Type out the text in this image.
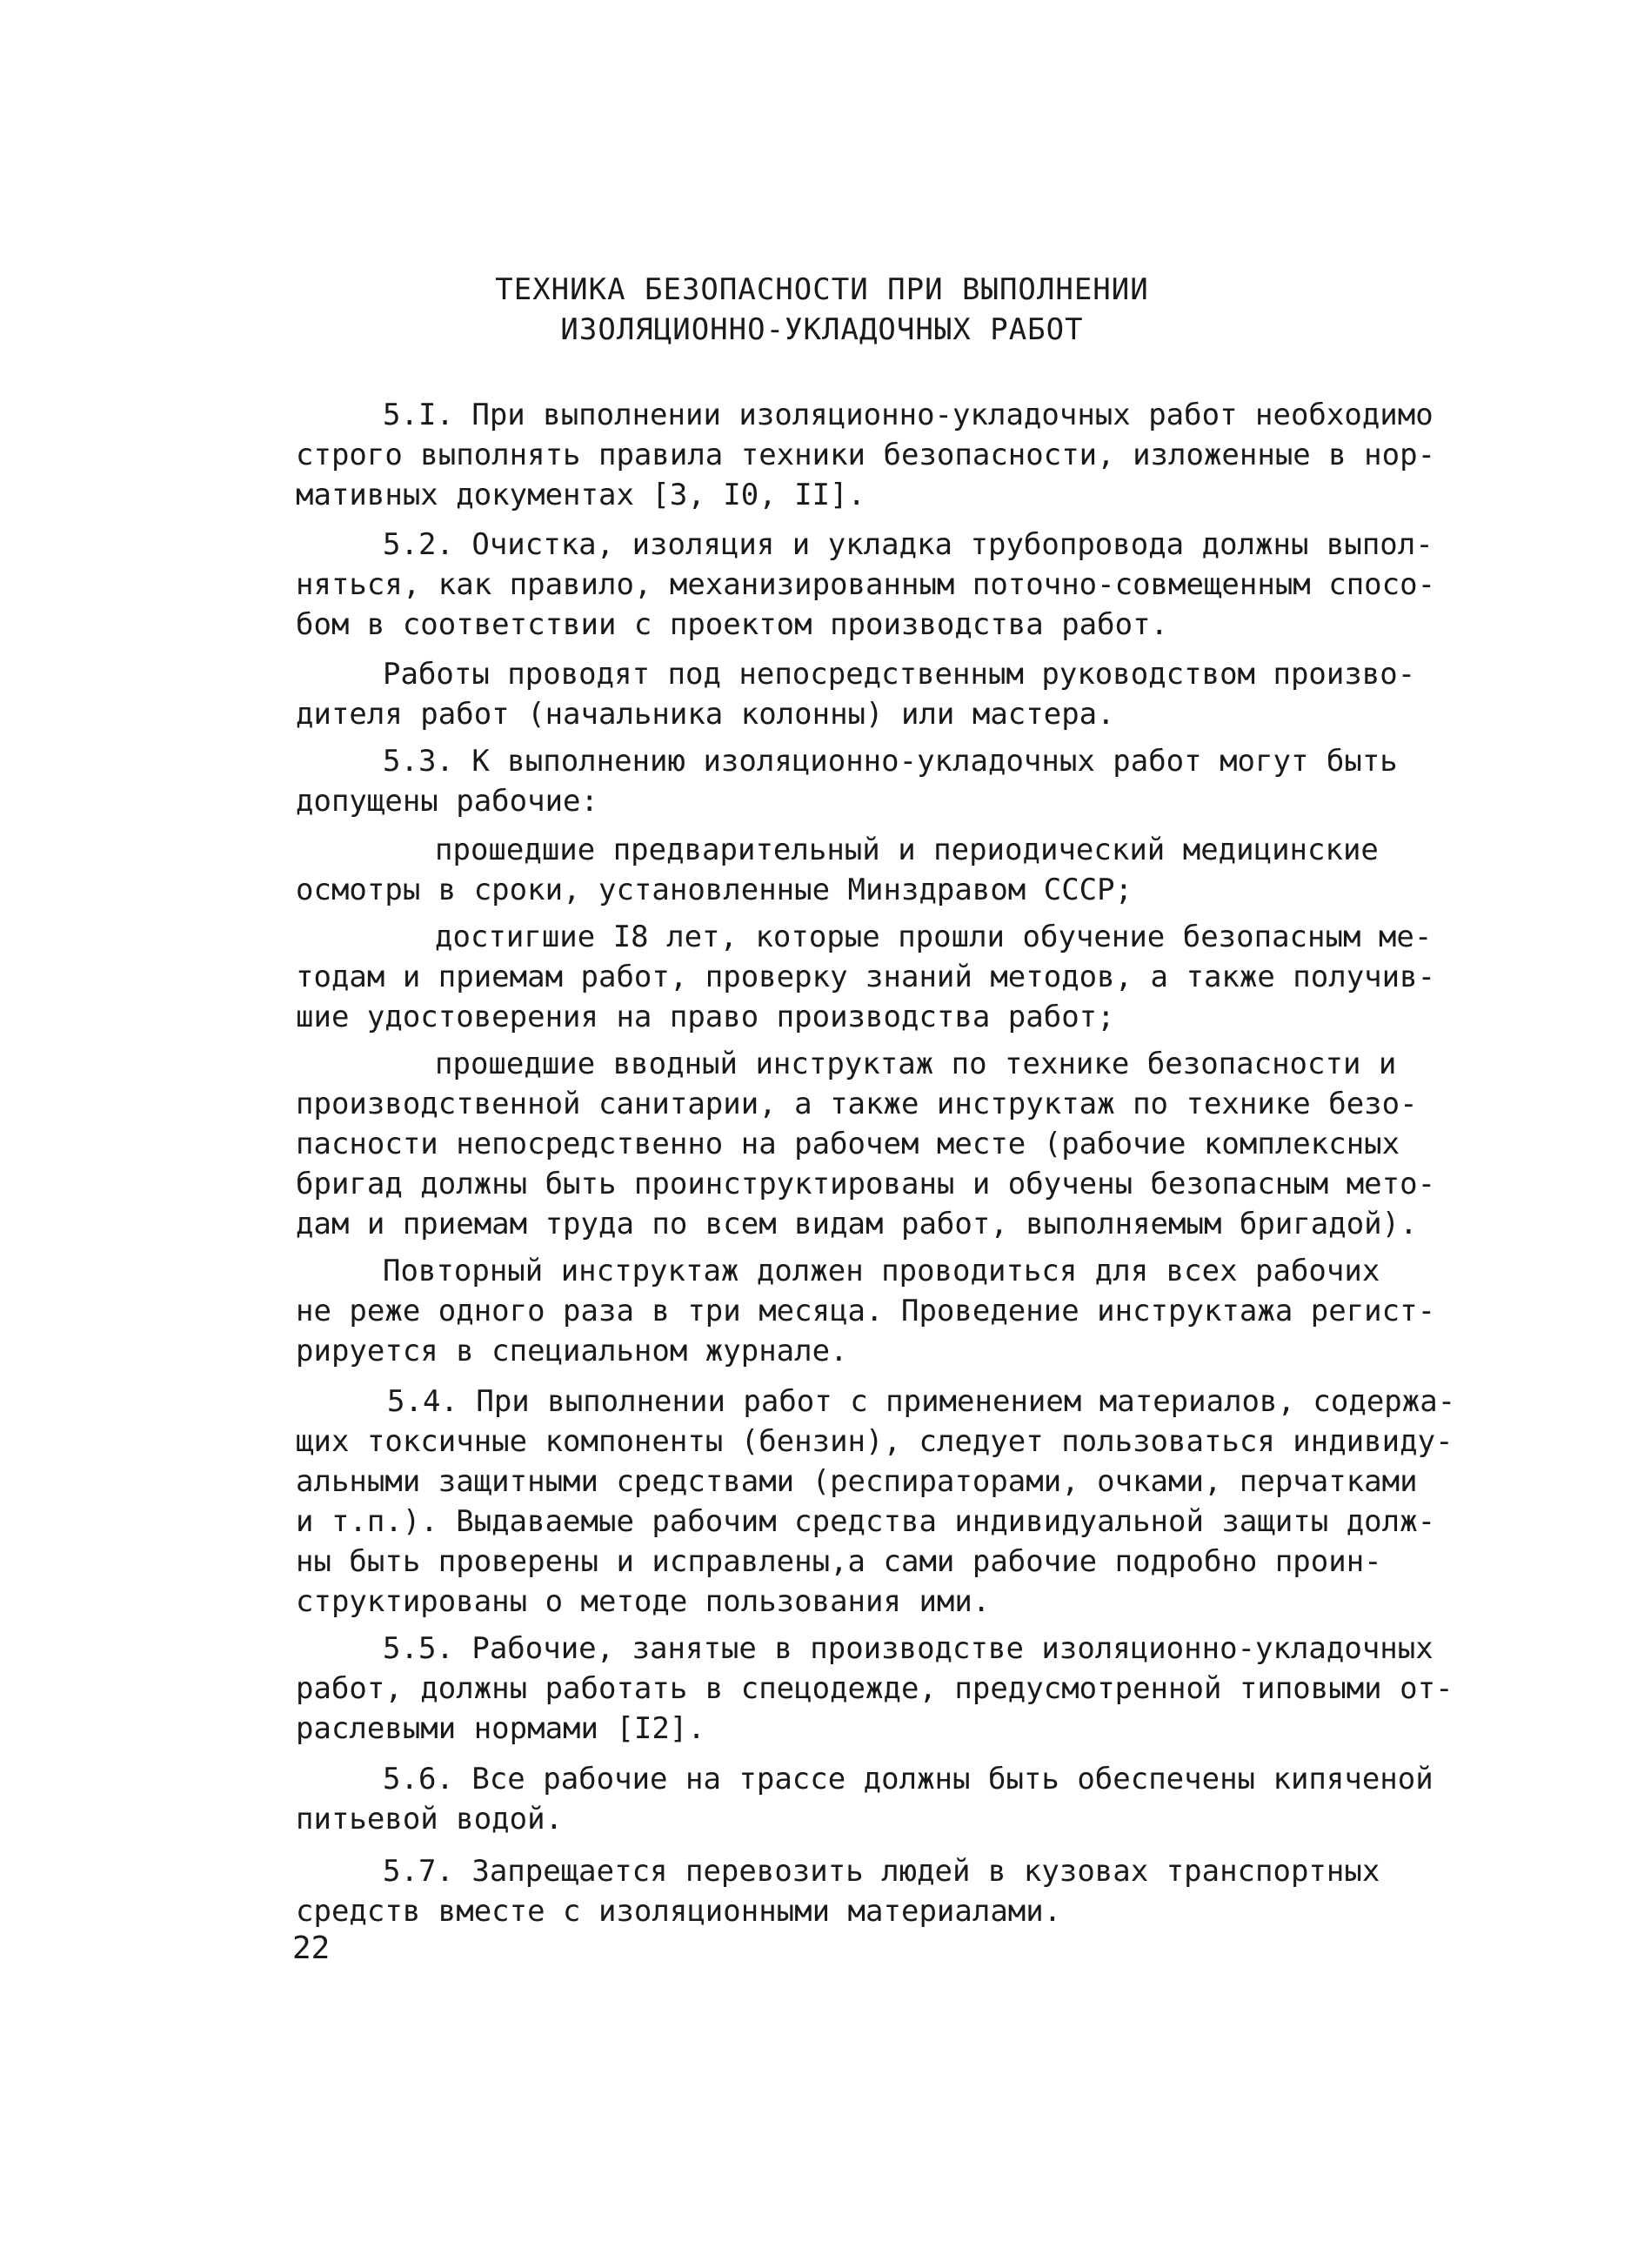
ТЕХНИКА БЕЗОПАСНОСТИ ПРИ ВЫПОЛНЕНИИ
ИЗОЛЯЦИОННО-УКЛАДОЧНЫХ РАБОТ
5.I. При выполнении изоляционно-укладочных работ необходимо
строго выполнять правила техники безопасности, изложенные в нор-
мативных документах [3, I0, II].
5.2. Очистка, изоляция и укладка трубопровода должны выпол-
няться, как правило, механизированным поточно-совмещенным спосо-
бом в соответствии с проектом производства работ.
Работы проводят под непосредственным руководством произво-
дителя работ (начальника колонны) или мастера.
5.3. К выполнению изоляционно-укладочных работ могут быть
допущены рабочие:
прошедшие предварительный и периодический медицинские
осмотры в сроки, установленные Минздравом СССР;
достигшие I8 лет, которые прошли обучение безопасным ме-
тодам и приемам работ, проверку знаний методов, а также получив-
шие удостоверения на право производства работ;
прошедшие вводный инструктаж по технике безопасности и
производственной санитарии, а также инструктаж по технике безо-
пасности непосредственно на рабочем месте (рабочие комплексных
бригад должны быть проинструктированы и обучены безопасным мето-
дам и приемам труда по всем видам работ, выполняемым бригадой).
Повторный инструктаж должен проводиться для всех рабочих
не реже одного раза в три месяца. Проведение инструктажа регист-
рируется в специальном журнале.
5.4. При выполнении работ с применением материалов, содержа-
щих токсичные компоненты (бензин), следует пользоваться индивиду-
альными защитными средствами (респираторами, очками, перчатками
и т.п.). Выдаваемые рабочим средства индивидуальной защиты долж-
ны быть проверены и исправлены,а сами рабочие подробно проин-
структированы о методе пользования ими.
5.5. Рабочие, занятые в производстве изоляционно-укладочных
работ, должны работать в спецодежде, предусмотренной типовыми от-
раслевыми нормами [I2].
5.6. Все рабочие на трассе должны быть обеспечены кипяченой
питьевой водой.
5.7. Запрещается перевозить людей в кузовах транспортных
средств вместе с изоляционными материалами.
22
